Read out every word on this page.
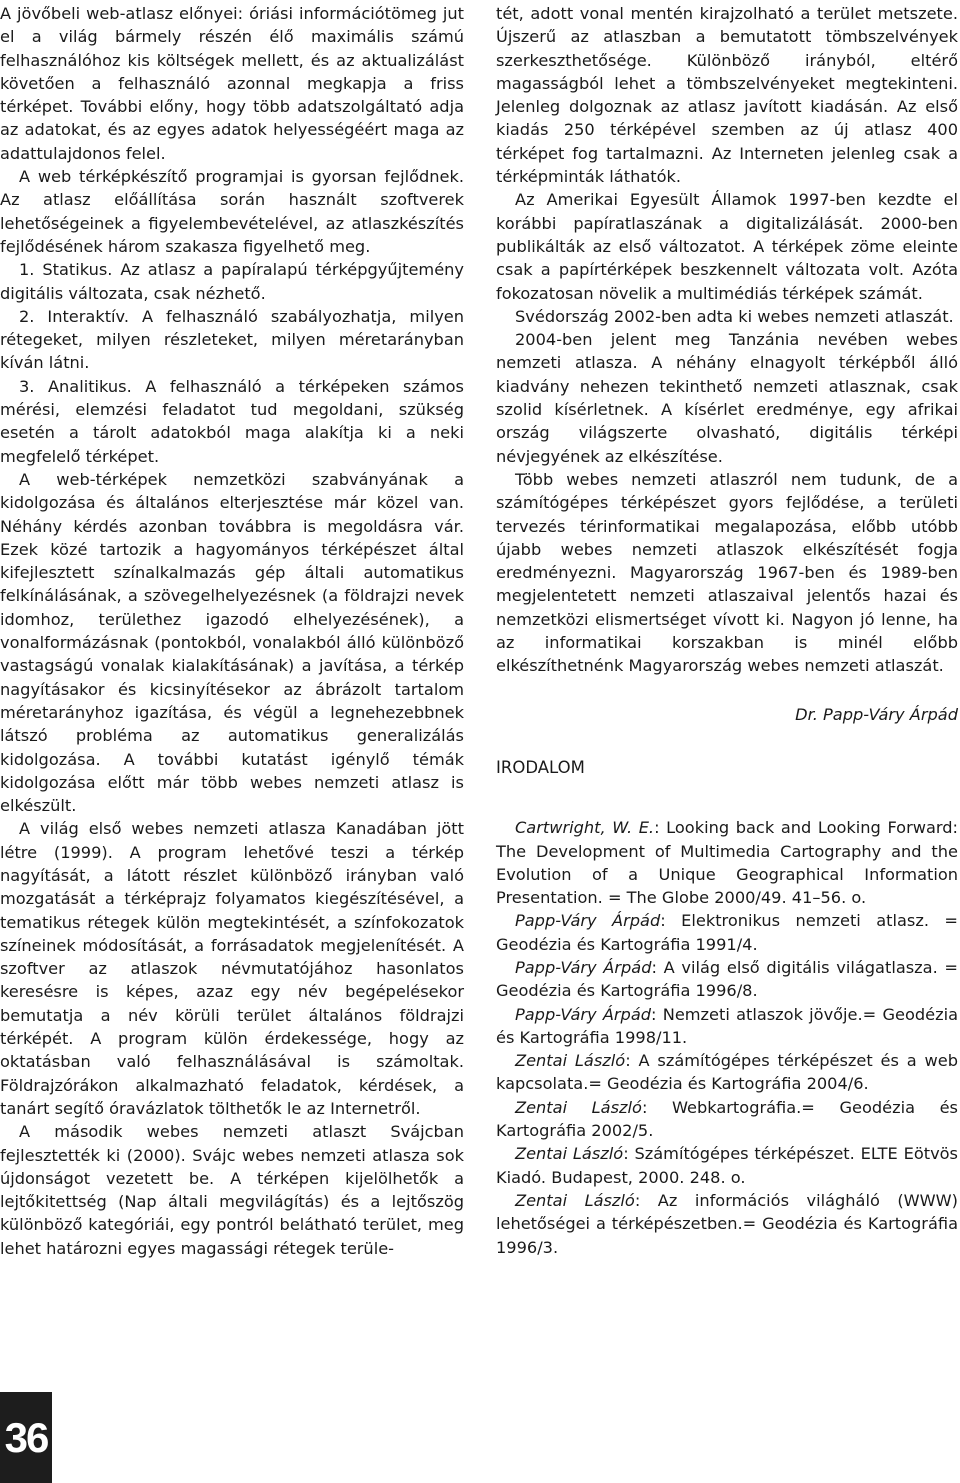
A jövőbeli web-atlasz előnyei: óriási információtömeg jut el a világ bármely részén élő maximális számú felhasználóhoz kis költségek mellett, és az aktualizálást követően a felhasználó azonnal megkapja a friss térképet. További előny, hogy több adatszolgáltató adja az adatokat, és az egyes adatok helyességéért maga az adattulajdonos felel.

A web térképkészítő programjai is gyorsan fejlődnek. Az atlasz előállítása során használt szoftverek lehetőségeinek a figyelembevételével, az atlaszkészítés fejlődésének három szakasza figyelhető meg.

1. Statikus. Az atlasz a papíralapú térképgyűjtemény digitális változata, csak nézhető.

2. Interaktív. A felhasználó szabályozhatja, milyen rétegeket, milyen részleteket, milyen méretarányban kíván látni.

3. Analitikus. A felhasználó a térképeken számos mérési, elemzési feladatot tud megoldani, szükség esetén a tárolt adatokból maga alakítja ki a neki megfelelő térképet.

A web-térképek nemzetközi szabványának a kidolgozása és általános elterjesztése már közel van. Néhány kérdés azonban továbbra is megoldásra vár. Ezek közé tartozik a hagyományos térképészet által kifejlesztett színalkalmazás gép általi automatikus felkínálásának, a szövegelhelyezésnek (a földrajzi nevek idomhoz, területhez igazodó elhelyezésének), a vonalformázásnak (pontokból, vonalakból álló különböző vastagságú vonalak kialakításának) a javítása, a térkép nagyításakor és kicsinyítésekor az ábrázolt tartalom méretarányhoz igazítása, és végül a legnehezebbnek látszó probléma az automatikus generalizálás kidolgozása. A további kutatást igénylő témák kidolgozása előtt már több webes nemzeti atlasz is elkészült.

A világ első webes nemzeti atlasza Kanadában jött létre (1999). A program lehetővé teszi a térkép nagyítását, a látott részlet különböző irányban való mozgatását a térképrajz folyamatos kiegészítésével, a tematikus rétegek külön megtekintését, a színfokozatok színeinek módosítását, a forrásadatok megjelenítését. A szoftver az atlaszok névmutatójához hasonlatos keresésre is képes, azaz egy név begépelésekor bemutatja a név körüli terület általános földrajzi térképét. A program külön érdekessége, hogy az oktatásban való felhasználásával is számoltak. Földrajzórákon alkalmazható feladatok, kérdések, a tanárt segítő óravázlatok tölthetők le az Internetről.

A második webes nemzeti atlaszt Svájcban fejlesztették ki (2000). Svájc webes nemzeti atlasza sok újdonságot vezetett be. A térképen kijelölhetők a lejtőkitettség (Nap általi megvilágítás) és a lejtőszög különböző kategóriái, egy pontról belátható terület, meg lehet határozni egyes magassági rétegek terüle-

tét, adott vonal mentén kirajzolható a terület metszete. Újszerű az atlaszban a bemutatott tömbszelvények szerkeszthetősége. Különböző irányból, eltérő magasságból lehet a tömbszelvényeket megtekinteni. Jelenleg dolgoznak az atlasz javított kiadásán. Az első kiadás 250 térképével szemben az új atlasz 400 térképet fog tartalmazni. Az Interneten jelenleg csak a térképminták láthatók.

Az Amerikai Egyesült Államok 1997-ben kezdte el korábbi papíratlaszának a digitalizálását. 2000-ben publikálták az első változatot. A térképek zöme eleinte csak a papírtérképek beszkennelt változata volt. Azóta fokozatosan növelik a multimédiás térképek számát.

Svédország 2002-ben adta ki webes nemzeti atlaszát.

2004-ben jelent meg Tanzánia nevében webes nemzeti atlasza. A néhány elnagyolt térképből álló kiadvány nehezen tekinthető nemzeti atlasznak, csak szolid kísérletnek. A kísérlet eredménye, egy afrikai ország világszerte olvasható, digitális térképi névjegyének az elkészítése.

Több webes nemzeti atlaszról nem tudunk, de a számítógépes térképészet gyors fejlődése, a területi tervezés térinformatikai megalapozása, előbb utóbb újabb webes nemzeti atlaszok elkészítését fogja eredményezni. Magyarország 1967-ben és 1989-ben megjelentetett nemzeti atlaszaival jelentős hazai és nemzetközi elismertséget vívott ki. Nagyon jó lenne, ha az informatikai korszakban is minél előbb elkészíthetnénk Magyarország webes nemzeti atlaszát.

Dr. Papp-Váry Árpád

IRODALOM

Cartwright, W. E.: Looking back and Looking Forward: The Development of Multimedia Cartography and the Evolution of a Unique Geographical Information Presentation. = The Globe 2000/49. 41–56. o.

Papp-Váry Árpád: Elektronikus nemzeti atlasz. = Geodézia és Kartográfia 1991/4.

Papp-Váry Árpád: A világ első digitális világatlasza. = Geodézia és Kartográfia 1996/8.

Papp-Váry Árpád: Nemzeti atlaszok jövője.= Geodézia és Kartográfia 1998/11.

Zentai László: A számítógépes térképészet és a web kapcsolata.= Geodézia és Kartográfia 2004/6.

Zentai László: Webkartográfia.= Geodézia és Kartográfia 2002/5.

Zentai László: Számítógépes térképészet. ELTE Eötvös Kiadó. Budapest, 2000. 248. o.

Zentai László: Az információs világháló (WWW) lehetőségei a térképészetben.= Geodézia és Kartográfia 1996/3.

36
